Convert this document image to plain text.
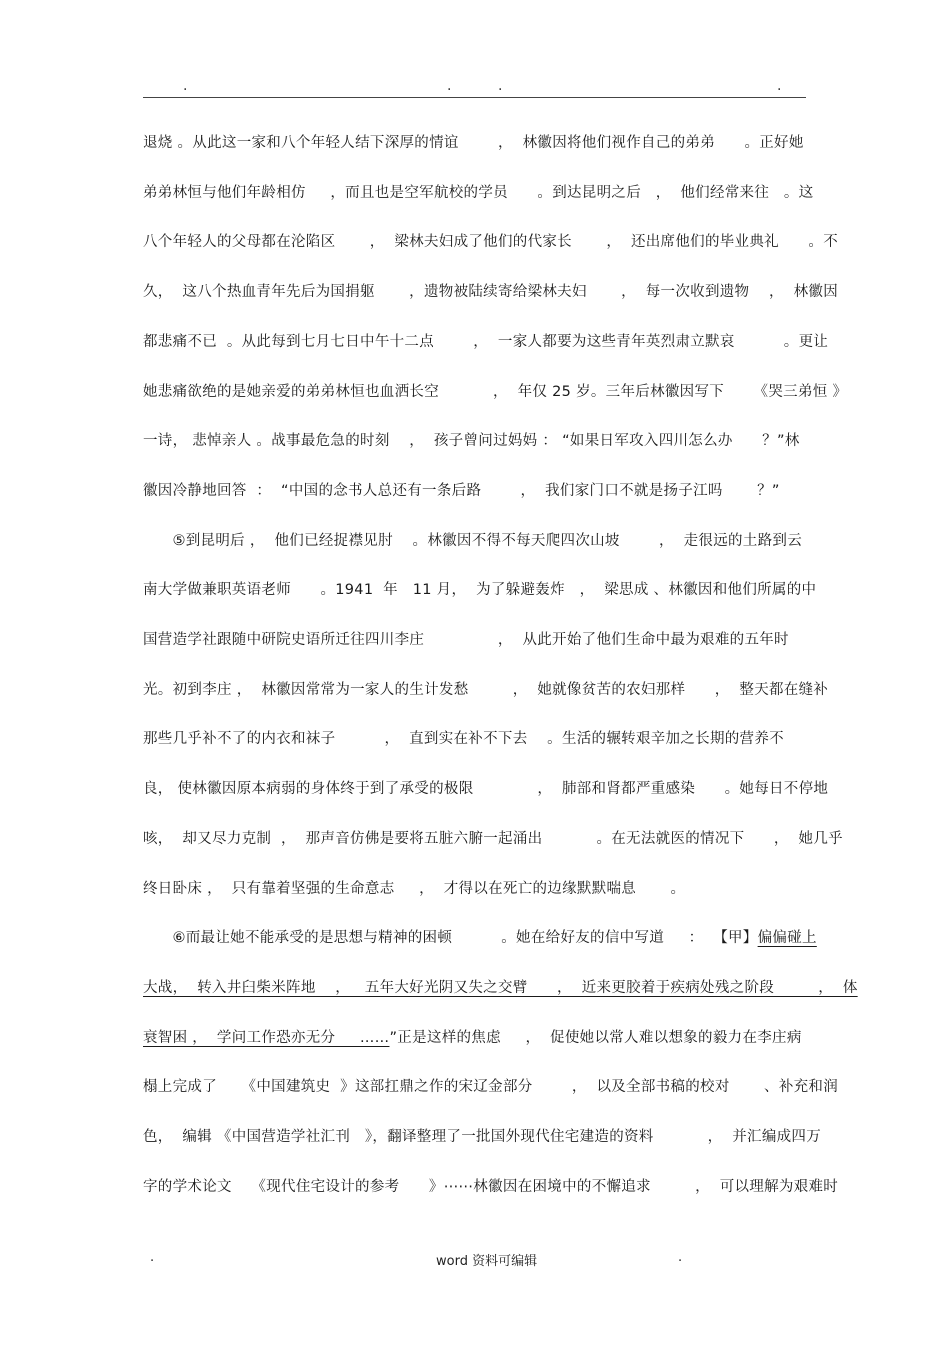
.	.	.	.
退烧 。从此这一家和八个年轻人结下深厚的情谊        ，  林徽因将他们视作自己的弟弟      。正好她
弟弟林恒与他们年龄相仿     ，而且也是空军航校的学员      。到达昆明之后   ，  他们经常来往   。这
八个年轻人的父母都在沦陷区       ，  梁林夫妇成了他们的代家长       ，  还出席他们的毕业典礼      。不
久，  这八个热血青年先后为国捐躯       ，遗物被陆续寄给梁林夫妇       ，  每一次收到遗物    ，  林徽因
都悲痛不已  。从此每到七月七日中午十二点        ，  一家人都要为这些青年英烈肃立默哀          。更让
她悲痛欲绝的是她亲爱的弟弟林恒也血洒长空           ，  年仅 25 岁。三年后林徽因写下      《哭三弟恒 》
一诗， 悲悼亲人 。战事最危急的时刻    ，  孩子曾问过妈妈 ： “如果日军攻入四川怎么办      ？”林
徽因冷静地回答  ：  “中国的念书人总还有一条后路        ，  我们家门口不就是扬子江吗       ？”
⑤到昆明后 ，  他们已经捉襟见肘    。林徽因不得不每天爬四次山坡        ，  走很远的土路到云
南大学做兼职英语老师      。1941  年   11 月，  为了躲避轰炸   ，  梁思成 、林徽因和他们所属的中
国营造学社跟随中研院史语所迁往四川李庄               ，  从此开始了他们生命中最为艰难的五年时
光。初到李庄 ，  林徽因常常为一家人的生计发愁         ，  她就像贫苦的农妇那样      ，  整天都在缝补
那些几乎补不了的内衣和袜子          ，  直到实在补不下去    。生活的辗转艰辛加之长期的营养不
良， 使林徽因原本病弱的身体终于到了承受的极限             ，  肺部和肾都严重感染      。她每日不停地
咳，  却又尽力克制  ，  那声音仿佛是要将五脏六腑一起涌出           。在无法就医的情况下      ，  她几乎
终日卧床 ，  只有靠着坚强的生命意志     ，  才得以在死亡的边缘默默喘息       。
⑥而最让她不能承受的是思想与精神的困顿          。她在给好友的信中写道     ：  【甲】偏偏碰上
大战，  转入井臼柴米阵地    ，   五年大好光阴又失之交臂      ，  近来更胶着于疾病处残之阶段         ，  体
衰智困 ，  学问工作恐亦无分     ……”正是这样的焦虑     ，  促使她以常人难以想象的毅力在李庄病
榻上完成了     《中国建筑史  》这部扛鼎之作的宋辽金部分        ，  以及全部书稿的校对       、补充和润
色，  编辑 《中国营造学社汇刊   》，翻译整理了一批国外现代住宅建造的资料           ，  并汇编成四万
字的学术论文    《现代住宅设计的参考      》⋯⋯林徽因在困境中的不懈追求         ，  可以理解为艰难时
.	word 资料可编辑	.
